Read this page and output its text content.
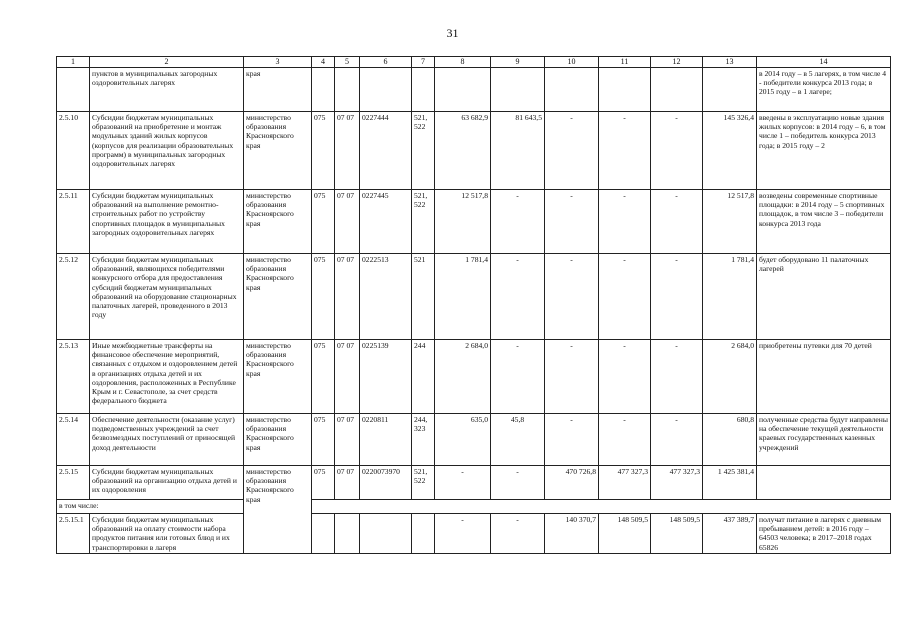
31
1	2	3	4	5	6	7	8	9	10	11	12	13	14
	пунктов в муниципальных загородных оздоровительных лагерях	края											в 2014 году – в 5 лагерях, в том числе 4 - победители конкурса 2013 года; в 2015 году – в 1 лагере;
2.5.10	Субсидии бюджетам муниципальных образований на приобретение и монтаж модульных зданий жилых корпусов (корпусов для реализации образовательных программ) в муниципальных загородных оздоровительных лагерях	министерство образования Красноярского края	075	07 07	0227444	521, 522	63 682,9	81 643,5	-	-	-	145 326,4	введены в эксплуатацию новые здания жилых корпусов: в 2014 году – 6, в том числе 1 – победитель конкурса 2013 года; в 2015 году – 2
2.5.11	Субсидии бюджетам муниципальных образований на выполнение ремонтно-строительных работ по устройству спортивных площадок в муниципальных загородных оздоровительных лагерях	министерство образования Красноярского края	075	07 07	0227445	521, 522	12 517,8	-	-	-	-	12 517,8	возведены современные спортивные площадки: в 2014 году – 5 спортивных площадок, в том числе 3 – победители конкурса 2013 года
2.5.12	Субсидии бюджетам муниципальных образований, являющихся победителями конкурсного отбора для предоставления субсидий бюджетам муниципальных образований на оборудование стационарных палаточных лагерей, проведенного в 2013 году	министерство образования Красноярского края	075	07 07	0222513	521	1 781,4	-	-	-	-	1 781,4	будет оборудовано 11 палаточных лагерей
2.5.13	Иные межбюджетные трансферты на финансовое обеспечение мероприятий, связанных с отдыхом и оздоровлением детей в организациях отдыха детей и их оздоровления, расположенных в Республике Крым и г. Севастополе, за счет средств федерального бюджета	министерство образования Красноярского края	075	07 07	0225139	244	2 684,0	-	-	-	-	2 684,0	приобретены путевки для 70 детей
2.5.14	Обеспечение деятельности (оказание услуг) подведомственных учреждений за счет безвозмездных поступлений от приносящей доход деятельности	министерство образования Красноярского края	075	07 07	0220811	244, 323	635,0	45,8	-	-	-	680,8	полученные средства будут направлены на обеспечение текущей деятельности краевых государственных казенных учреждений
2.5.15	Субсидии бюджетам муниципальных образований на организацию отдыха детей и их оздоровления	министерство образования Красноярского края	075	07 07	0220073970	521, 522	-	-	470 726,8	477 327,3	477 327,3	1 425 381,4	
в том числе:													
2.5.15.1	Субсидии бюджетам муниципальных образований на оплату стоимости набора продуктов питания или готовых блюд и их транспортировки в лагеря						-	-	140 370,7	148 509,5	148 509,5	437 389,7	получат питание в лагерях с дневным пребыванием детей: в 2016 году – 64503 человека; в 2017–2018 годах 65826
